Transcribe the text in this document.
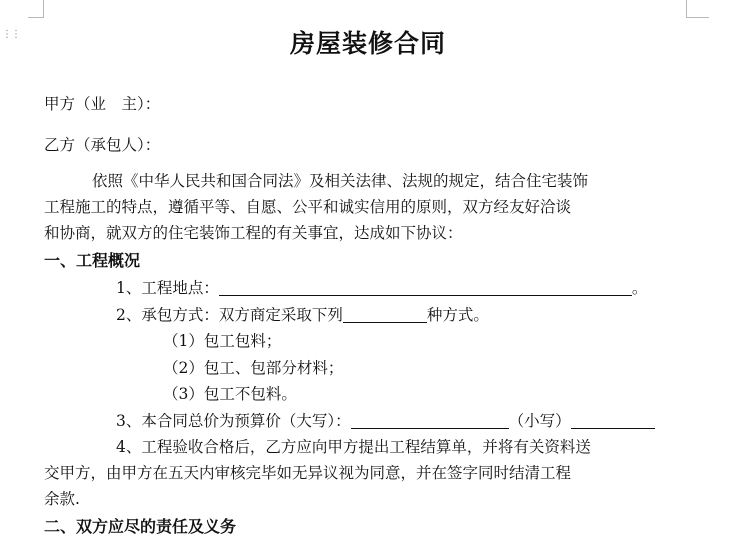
⋮⋮	房屋装修合同
甲方（业　主）：
乙方（承包人）：
依照《中华人民共和国合同法》及相关法律、法规的规定，结合住宅装饰
工程施工的特点，遵循平等、自愿、公平和诚实信用的原则，双方经友好洽谈
和协商，就双方的住宅装饰工程的有关事宜，达成如下协议：
一、工程概况
1、工程地点：	。
2、承包方式：双方商定采取下列	种方式。
（1）包工包料；
（2）包工、包部分材料；
（3）包工不包料。
3、本合同总价为预算价（大写）：	（小写）
4、工程验收合格后，乙方应向甲方提出工程结算单，并将有关资料送
交甲方，由甲方在五天内审核完毕如无异议视为同意，并在签字同时结清工程
余款.
二、双方应尽的责任及义务
